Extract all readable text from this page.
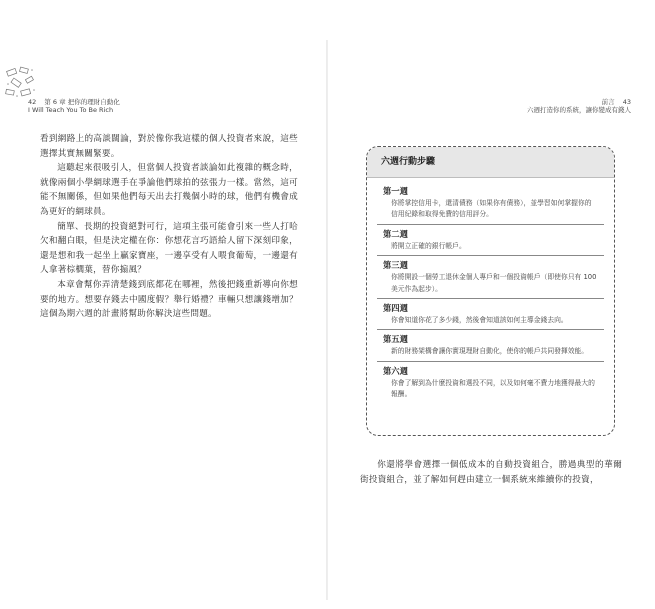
42 第 6 章 把你的理財自動化
I Will Teach You To Be Rich

看到網路上的高談闊論，對於像你我這樣的個人投資者來說，這些選擇其實無關緊要。

這聽起來很吸引人，但當個人投資者談論如此複雜的概念時，就像兩個小學網球選手在爭論他們球拍的弦張力一樣。當然，這可能不無關係，但如果他們每天出去打幾個小時的球，他們有機會成為更好的網球員。

簡單、長期的投資絕對可行，這項主張可能會引來一些人打哈欠和翻白眼，但是決定權在你：你想花言巧語給人留下深刻印象，還是想和我一起坐上贏家寶座，一邊享受有人喂食葡萄，一邊還有人拿著棕櫚葉，替你搧風？

本章會幫你弄清楚錢到底都花在哪裡，然後把錢重新導向你想要的地方。想要存錢去中國度假？舉行婚禮？車輛只想讓錢增加？這個為期六週的計畫將幫助你解決這些問題。

前言 43
六週打造你的系統，讓你變成有錢人
六週行動步驟
第一週
你將掌控信用卡，還清債務（如果你有債務），並學習如何掌握你的信用紀錄和取得免費的信用評分。
第二週
將開立正確的銀行帳戶。
第三週
你將開設一個勞工退休金個人專戶和一個投資帳戶（即使你只有 100 美元作為起步）。
第四週
你會知道你花了多少錢，然後會知道該如何主導金錢去向。
第五週
新的財務架構會讓你實現理財自動化，使你的帳戶共同發揮效能。
第六週
你會了解到為什麼投資和選投不同，以及如何毫不費力地獲得最大的報酬。
你還將學會選擇一個低成本的自動投資組合，勝過典型的華爾街投資組合，並了解如何趕由建立一個系統來維續你的投資，
